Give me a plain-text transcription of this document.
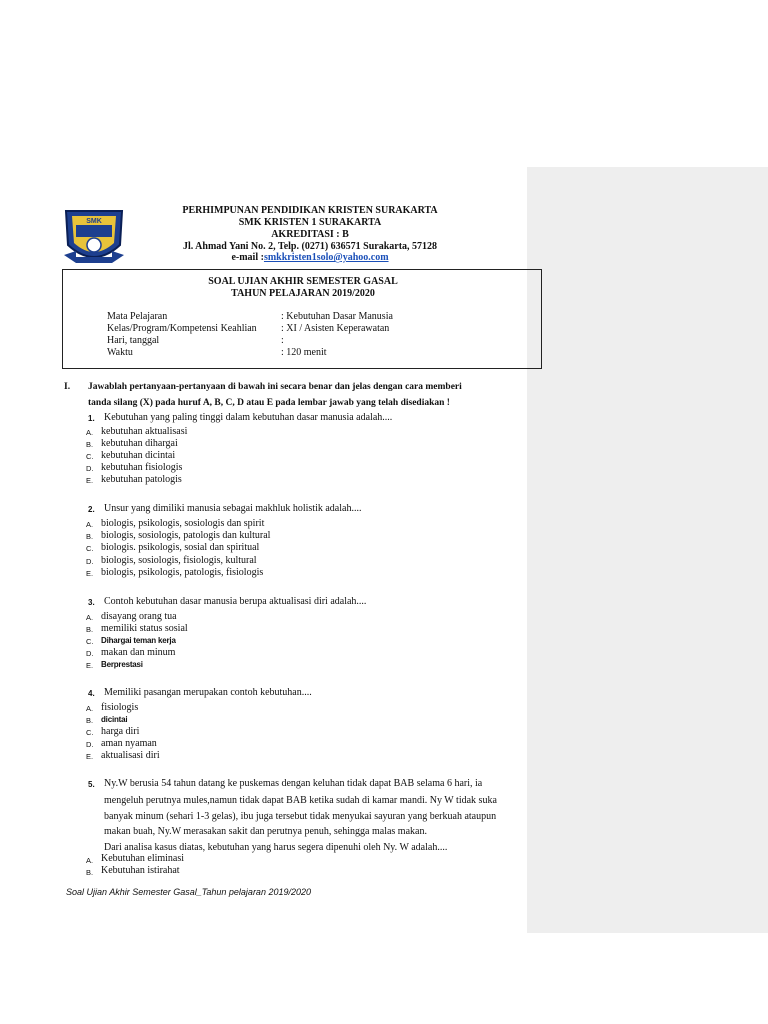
SMK
PERHIMPUNAN PENDIDIKAN KRISTEN SURAKARTA
SMK KRISTEN 1 SURAKARTA
AKREDITASI : B
Jl. Ahmad Yani No. 2, Telp. (0271) 636571 Surakarta, 57128
e-mail :smkkristen1solo@yahoo.com
SOAL UJIAN AKHIR SEMESTER GASAL
TAHUN PELAJARAN 2019/2020
Mata Pelajaran	: Kebutuhan Dasar Manusia
Kelas/Program/Kompetensi Keahlian : XI / Asisten Keperawatan
Hari, tanggal	:
Waktu	: 120 menit
I. Jawablah pertanyaan-pertanyaan di bawah ini secara benar dan jelas dengan cara memberi
tanda silang (X) pada huruf A, B, C, D atau E pada lembar jawab yang telah disediakan !
1. Kebutuhan yang paling tinggi dalam kebutuhan dasar manusia adalah....
A. kebutuhan aktualisasi
B. kebutuhan dihargai
C. kebutuhan dicintai
D. kebutuhan fisiologis
E. kebutuhan patologis
2. Unsur yang dimiliki manusia sebagai makhluk holistik adalah....
A. biologis, psikologis, sosiologis dan spirit
B. biologis, sosiologis, patologis dan kultural
C. biologis. psikologis, sosial dan spiritual
D. biologis, sosiologis, fisiologis, kultural
E. biologis, psikologis, patologis, fisiologis
3. Contoh kebutuhan dasar manusia berupa aktualisasi diri adalah....
A. disayang orang tua
B. memiliki status sosial
C. Dihargai teman kerja
D. makan dan minum
E. Berprestasi
4. Memiliki pasangan merupakan contoh kebutuhan....
A. fisiologis
B. dicintai
C. harga diri
D. aman nyaman
E. aktualisasi diri
5. Ny.W berusia 54 tahun datang ke puskemas dengan keluhan tidak dapat BAB selama 6 hari, ia
mengeluh perutnya mules,namun tidak dapat BAB ketika sudah di kamar mandi. Ny W tidak suka
banyak minum (sehari 1-3 gelas), ibu juga tersebut tidak menyukai sayuran yang berkuah ataupun
makan buah, Ny.W merasakan sakit dan perutnya penuh, sehingga malas makan.
Dari analisa kasus diatas, kebutuhan yang harus segera dipenuhi oleh Ny. W adalah....
A. Kebutuhan eliminasi
B. Kebutuhan istirahat
Soal Ujian Akhir Semester Gasal_Tahun pelajaran 2019/2020
